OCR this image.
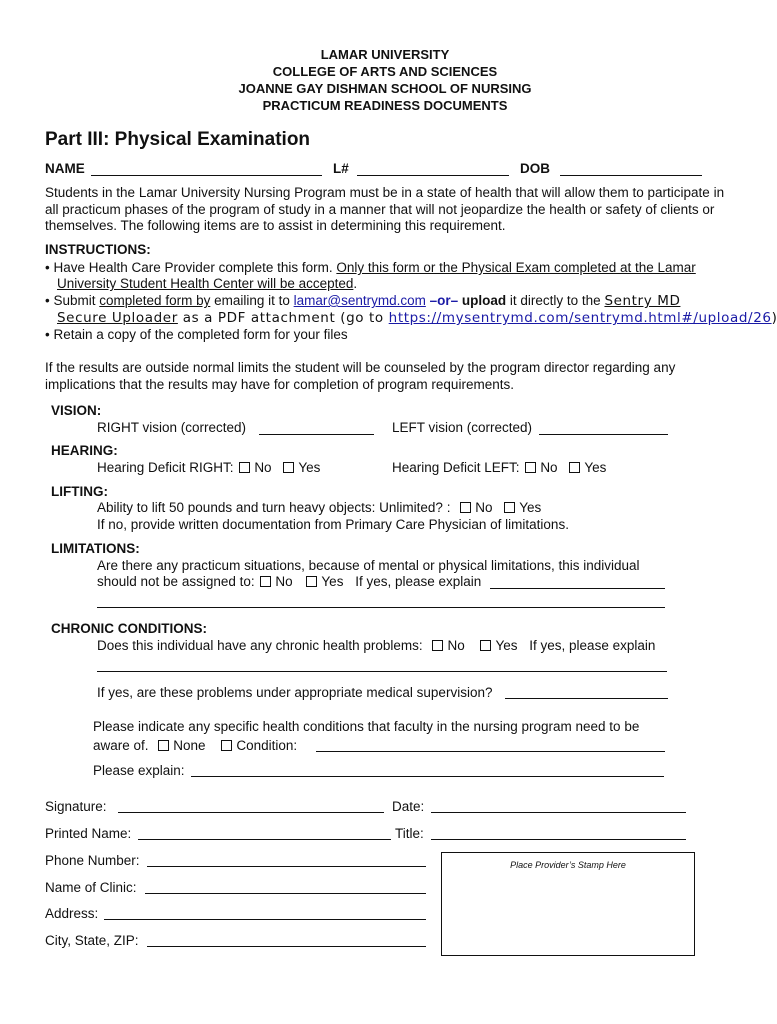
LAMAR UNIVERSITY
COLLEGE OF ARTS AND SCIENCES
JOANNE GAY DISHMAN SCHOOL OF NURSING
PRACTICUM READINESS DOCUMENTS
Part III: Physical Examination
NAME	L#	DOB
Students in the Lamar University Nursing Program must be in a state of health that will allow them to participate in all practicum phases of the program of study in a manner that will not jeopardize the health or safety of clients or themselves. The following items are to assist in determining this requirement.
INSTRUCTIONS:
• Have Health Care Provider complete this form. Only this form or the Physical Exam completed at the Lamar
University Student Health Center will be accepted.
• Submit completed form by emailing it to lamar@sentrymd.com –or– upload it directly to the Sentry MD
Secure Uploader as a PDF attachment (go to https://mysentrymd.com/sentrymd.html#/upload/26)
• Retain a copy of the completed form for your files
If the results are outside normal limits the student will be counseled by the program director regarding any implications that the results may have for completion of program requirements.
VISION:
RIGHT vision (corrected)	LEFT vision (corrected)
HEARING:
Hearing Deficit RIGHT: No Yes	Hearing Deficit LEFT: No Yes
LIFTING:
Ability to lift 50 pounds and turn heavy objects: Unlimited? : No Yes
If no, provide written documentation from Primary Care Physician of limitations.
LIMITATIONS:
Are there any practicum situations, because of mental or physical limitations, this individual
should not be assigned to: No Yes If yes, please explain
CHRONIC CONDITIONS:
Does this individual have any chronic health problems: No Yes If yes, please explain
If yes, are these problems under appropriate medical supervision?
Please indicate any specific health conditions that faculty in the nursing program need to be
aware of. None Condition:
Please explain:
Signature:	Date:
Printed Name:	Title:
Phone Number:
Name of Clinic:
Address:
City, State, ZIP:
Place Provider’s Stamp Here
